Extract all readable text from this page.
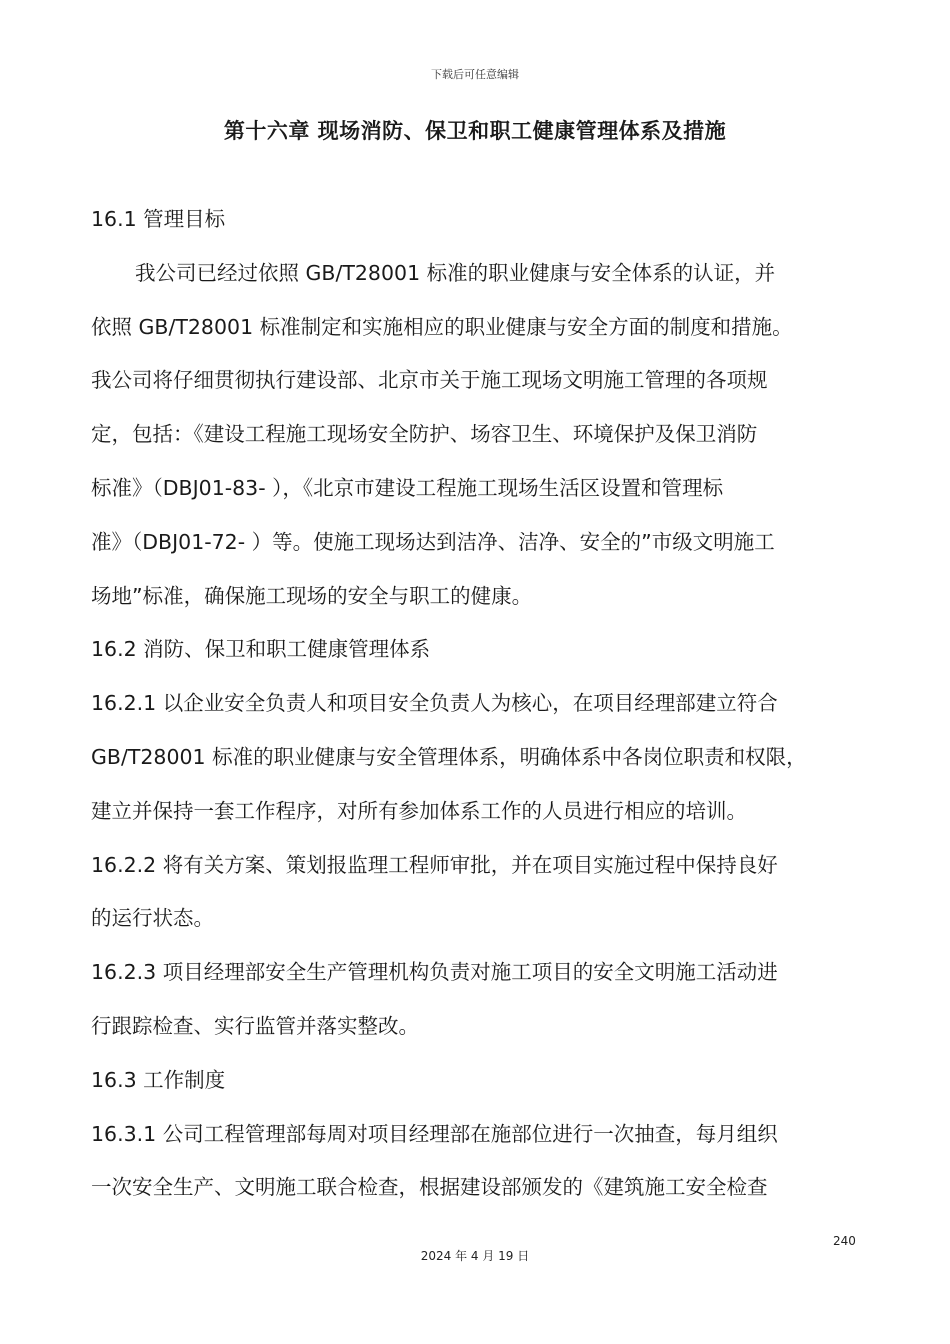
下载后可任意编辑
第十六章 现场消防、保卫和职工健康管理体系及措施
16.1 管理目标
我公司已经过依照 GB/T28001 标准的职业健康与安全体系的认证，并
依照 GB/T28001 标准制定和实施相应的职业健康与安全方面的制度和措施。
我公司将仔细贯彻执行建设部、北京市关于施工现场文明施工管理的各项规
定，包括：《建设工程施工现场安全防护、场容卫生、环境保护及保卫消防
标准》（DBJ01-83- ），《北京市建设工程施工现场生活区设置和管理标
准》（DBJ01-72- ）等。使施工现场达到洁净、洁净、安全的”市级文明施工
场地”标准，确保施工现场的安全与职工的健康。
16.2 消防、保卫和职工健康管理体系
16.2.1 以企业安全负责人和项目安全负责人为核心，在项目经理部建立符合
GB/T28001 标准的职业健康与安全管理体系，明确体系中各岗位职责和权限，
建立并保持一套工作程序，对所有参加体系工作的人员进行相应的培训。
16.2.2 将有关方案、策划报监理工程师审批，并在项目实施过程中保持良好
的运行状态。
16.2.3 项目经理部安全生产管理机构负责对施工项目的安全文明施工活动进
行跟踪检查、实行监管并落实整改。
16.3 工作制度
16.3.1 公司工程管理部每周对项目经理部在施部位进行一次抽查，每月组织
一次安全生产、文明施工联合检查，根据建设部颁发的《建筑施工安全检查
240
2024 年 4 月 19 日
